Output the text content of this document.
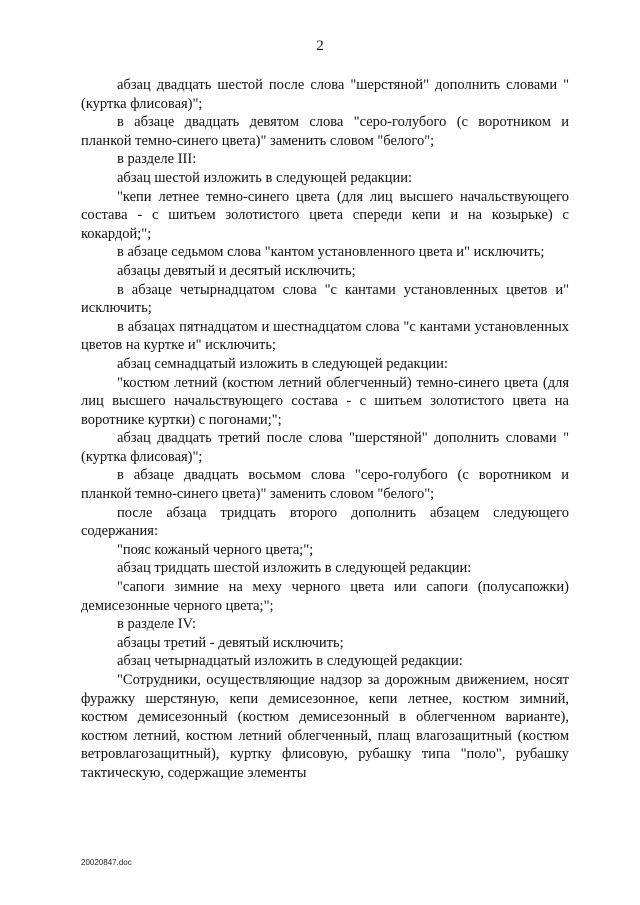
2

абзац двадцать шестой после слова "шерстяной" дополнить словами "(куртка флисовая)";

в абзаце двадцать девятом слова "серо-голубого (с воротником и планкой темно-синего цвета)" заменить словом "белого";

в разделе III:

абзац шестой изложить в следующей редакции:

"кепи летнее темно-синего цвета (для лиц высшего начальствующего состава - с шитьем золотистого цвета спереди кепи и на козырьке) с кокардой;";

в абзаце седьмом слова "кантом установленного цвета и" исключить;

абзацы девятый и десятый исключить;

в абзаце четырнадцатом слова "с кантами установленных цветов и" исключить;

в абзацах пятнадцатом и шестнадцатом слова "с кантами установленных цветов на куртке и" исключить;

абзац семнадцатый изложить в следующей редакции:

"костюм летний (костюм летний облегченный) темно-синего цвета (для лиц высшего начальствующего состава - с шитьем золотистого цвета на воротнике куртки) с погонами;";

абзац двадцать третий после слова "шерстяной" дополнить словами "(куртка флисовая)";

в абзаце двадцать восьмом слова "серо-голубого (с воротником и планкой темно-синего цвета)" заменить словом "белого";

после абзаца тридцать второго дополнить абзацем следующего содержания:

"пояс кожаный черного цвета;";

абзац тридцать шестой изложить в следующей редакции:

"сапоги зимние на меху черного цвета или сапоги (полусапожки) демисезонные черного цвета;";

в разделе IV:

абзацы третий - девятый исключить;

абзац четырнадцатый изложить в следующей редакции:

"Сотрудники, осуществляющие надзор за дорожным движением, носят фуражку шерстяную, кепи демисезонное, кепи летнее, костюм зимний, костюм демисезонный (костюм демисезонный в облегченном варианте), костюм летний, костюм летний облегченный, плащ влагозащитный (костюм ветровлагозащитный), куртку флисовую, рубашку типа "поло", рубашку тактическую, содержащие элементы

20020847.doc
